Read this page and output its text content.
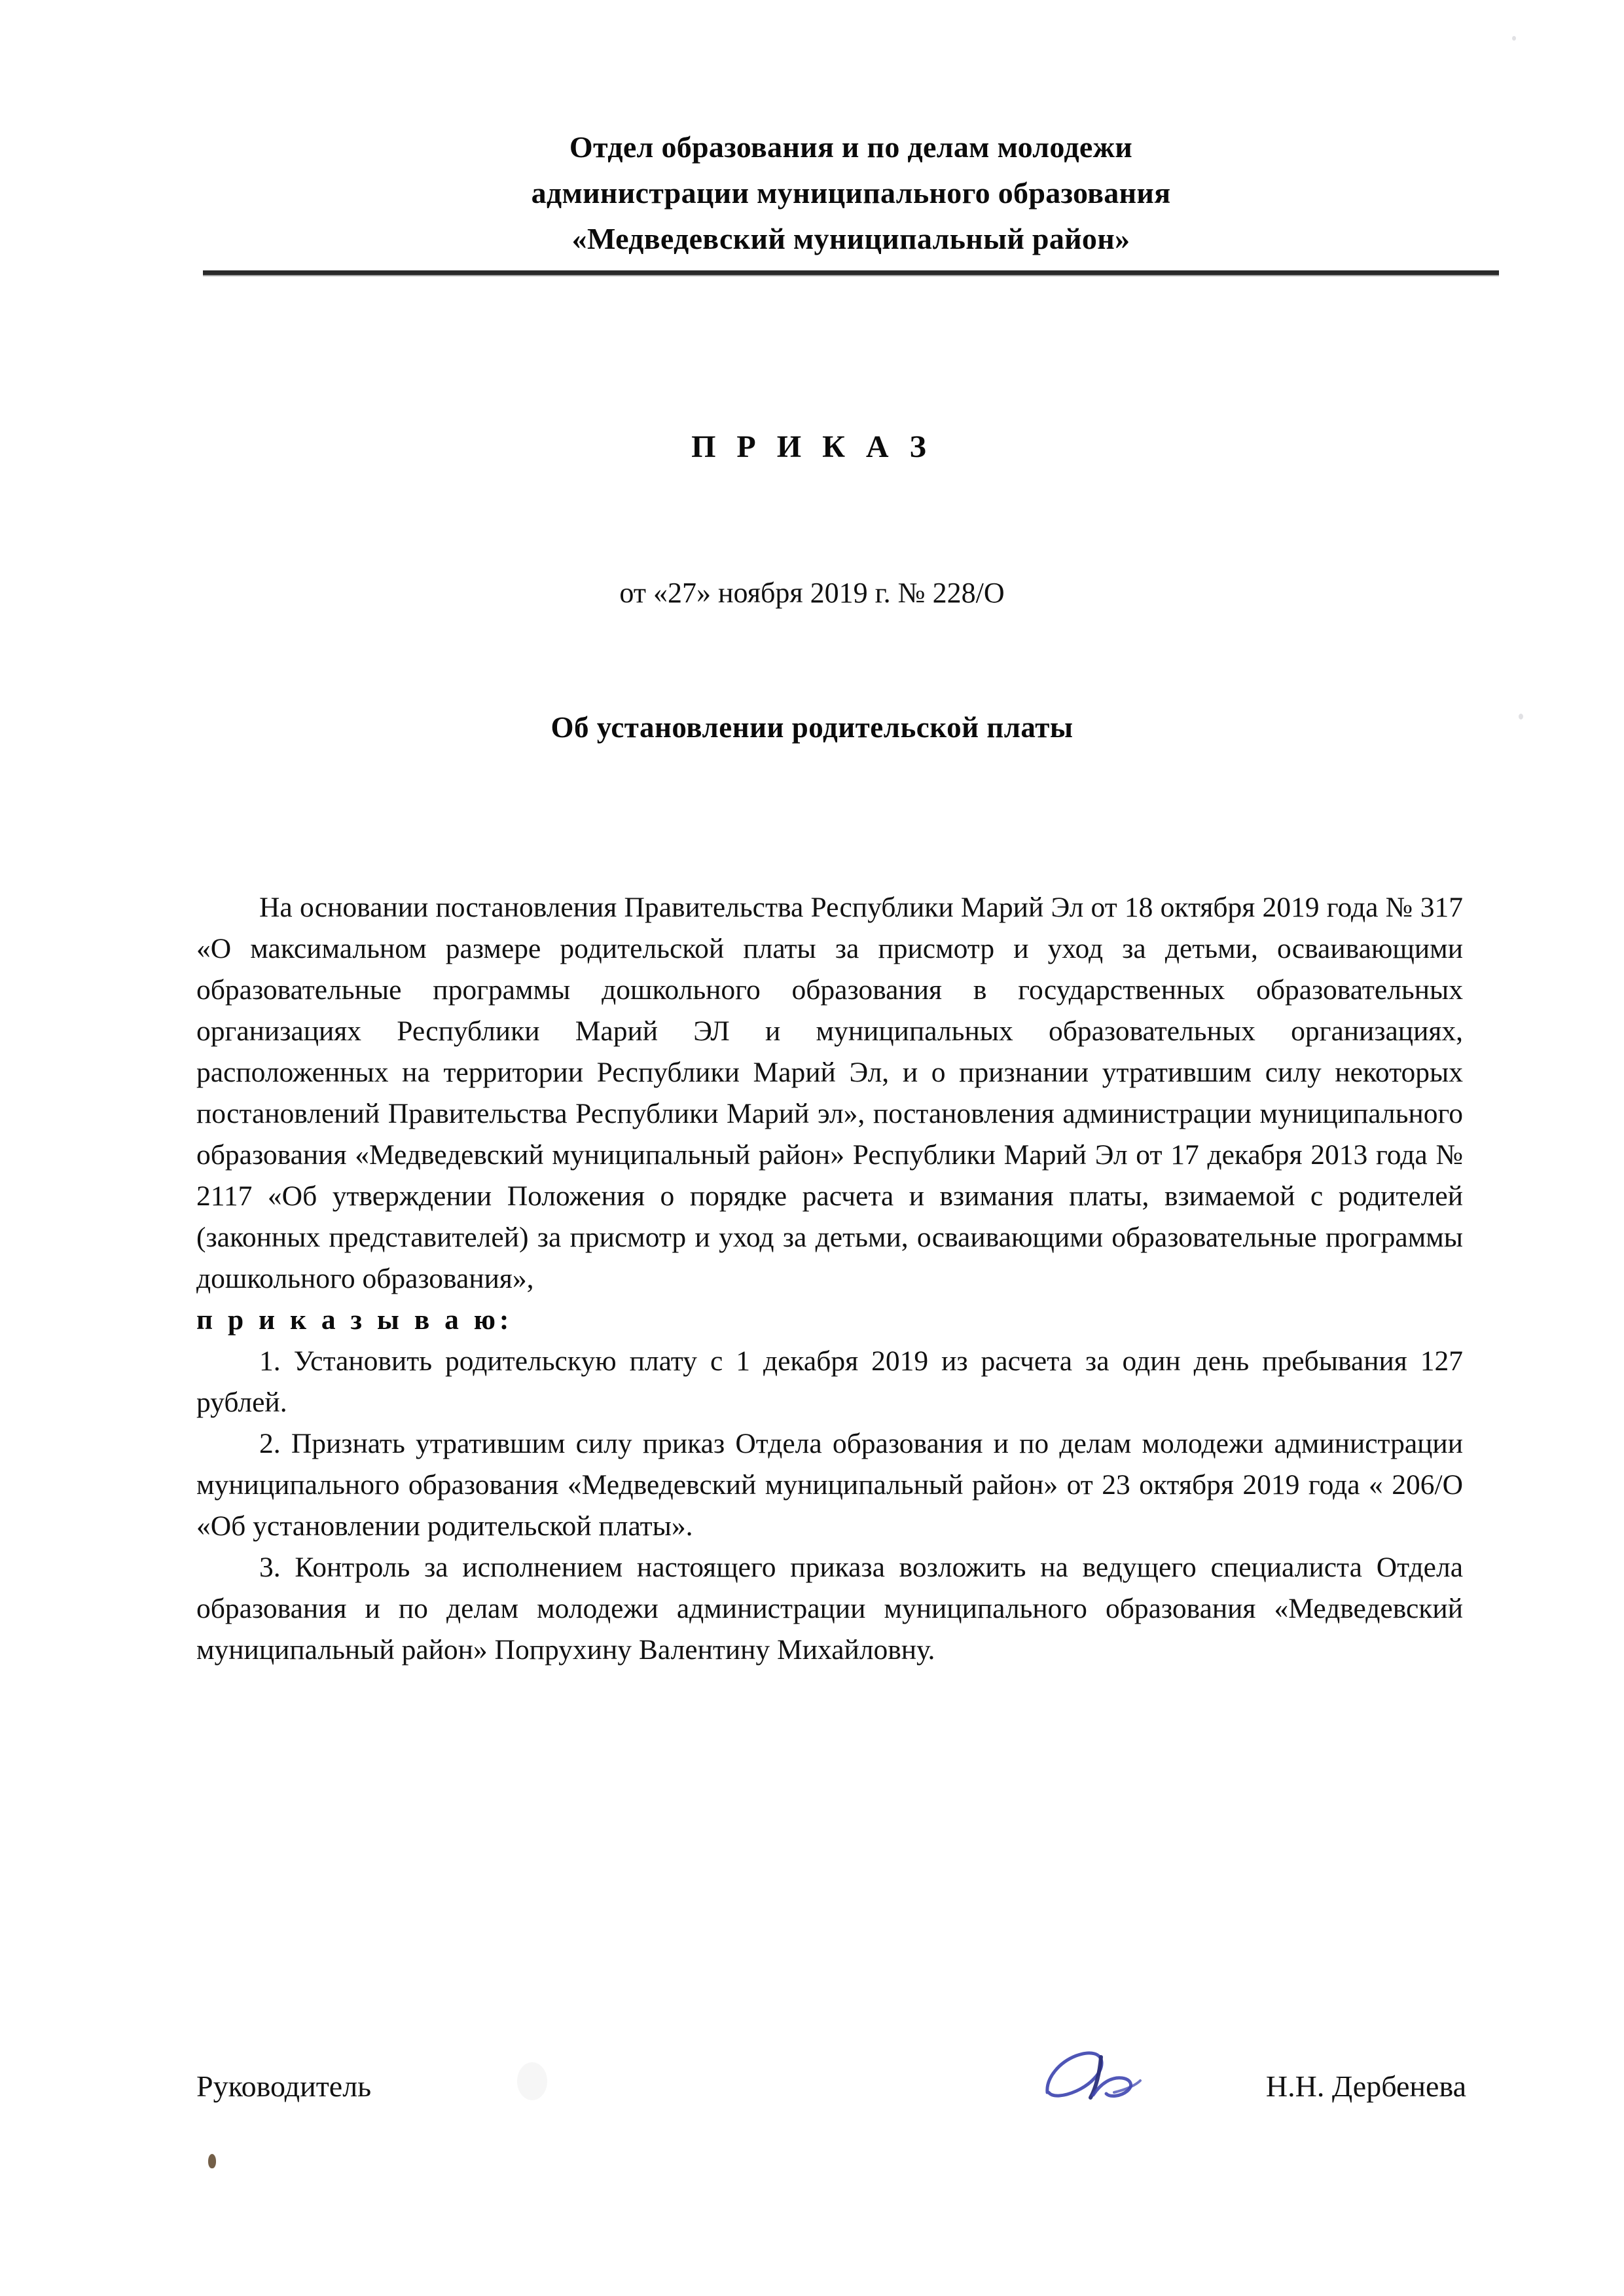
Отдел образования и по делам молодежи
администрации муниципального образования
«Медведевский муниципальный район»
П Р И К А З
от «27» ноября 2019 г. № 228/О
Об установлении родительской платы

На основании постановления Правительства Республики Марий Эл от 18 октября 2019 года № 317 «О максимальном размере родительской платы за присмотр и уход за детьми, осваивающими образовательные программы дошкольного образования в государственных образовательных организациях Республики Марий ЭЛ и муниципальных образовательных организациях, расположенных на территории Республики Марий Эл, и о признании утратившим силу некоторых постановлений Правительства Республики Марий эл», постановления администрации муниципального образования «Медведевский муниципальный район» Республики Марий Эл от 17 декабря 2013 года № 2117 «Об утверждении Положения о порядке расчета и взимания платы, взимаемой с родителей (законных представителей) за присмотр и уход за детьми, осваивающими образовательные программы дошкольного образования»,

п р и к а з ы в а ю:

1. Установить родительскую плату с 1 декабря 2019 из расчета за один день пребывания 127 рублей.

2. Признать утратившим силу приказ Отдела образования и по делам молодежи администрации муниципального образования «Медведевский муниципальный район» от 23 октября 2019 года « 206/О «Об установлении родительской платы».

3. Контроль за исполнением настоящего приказа возложить на ведущего специалиста Отдела образования и по делам молодежи администрации муниципального образования «Медведевский муниципальный район» Попрухину Валентину Михайловну.

Руководитель	Н.Н. Дербенева
